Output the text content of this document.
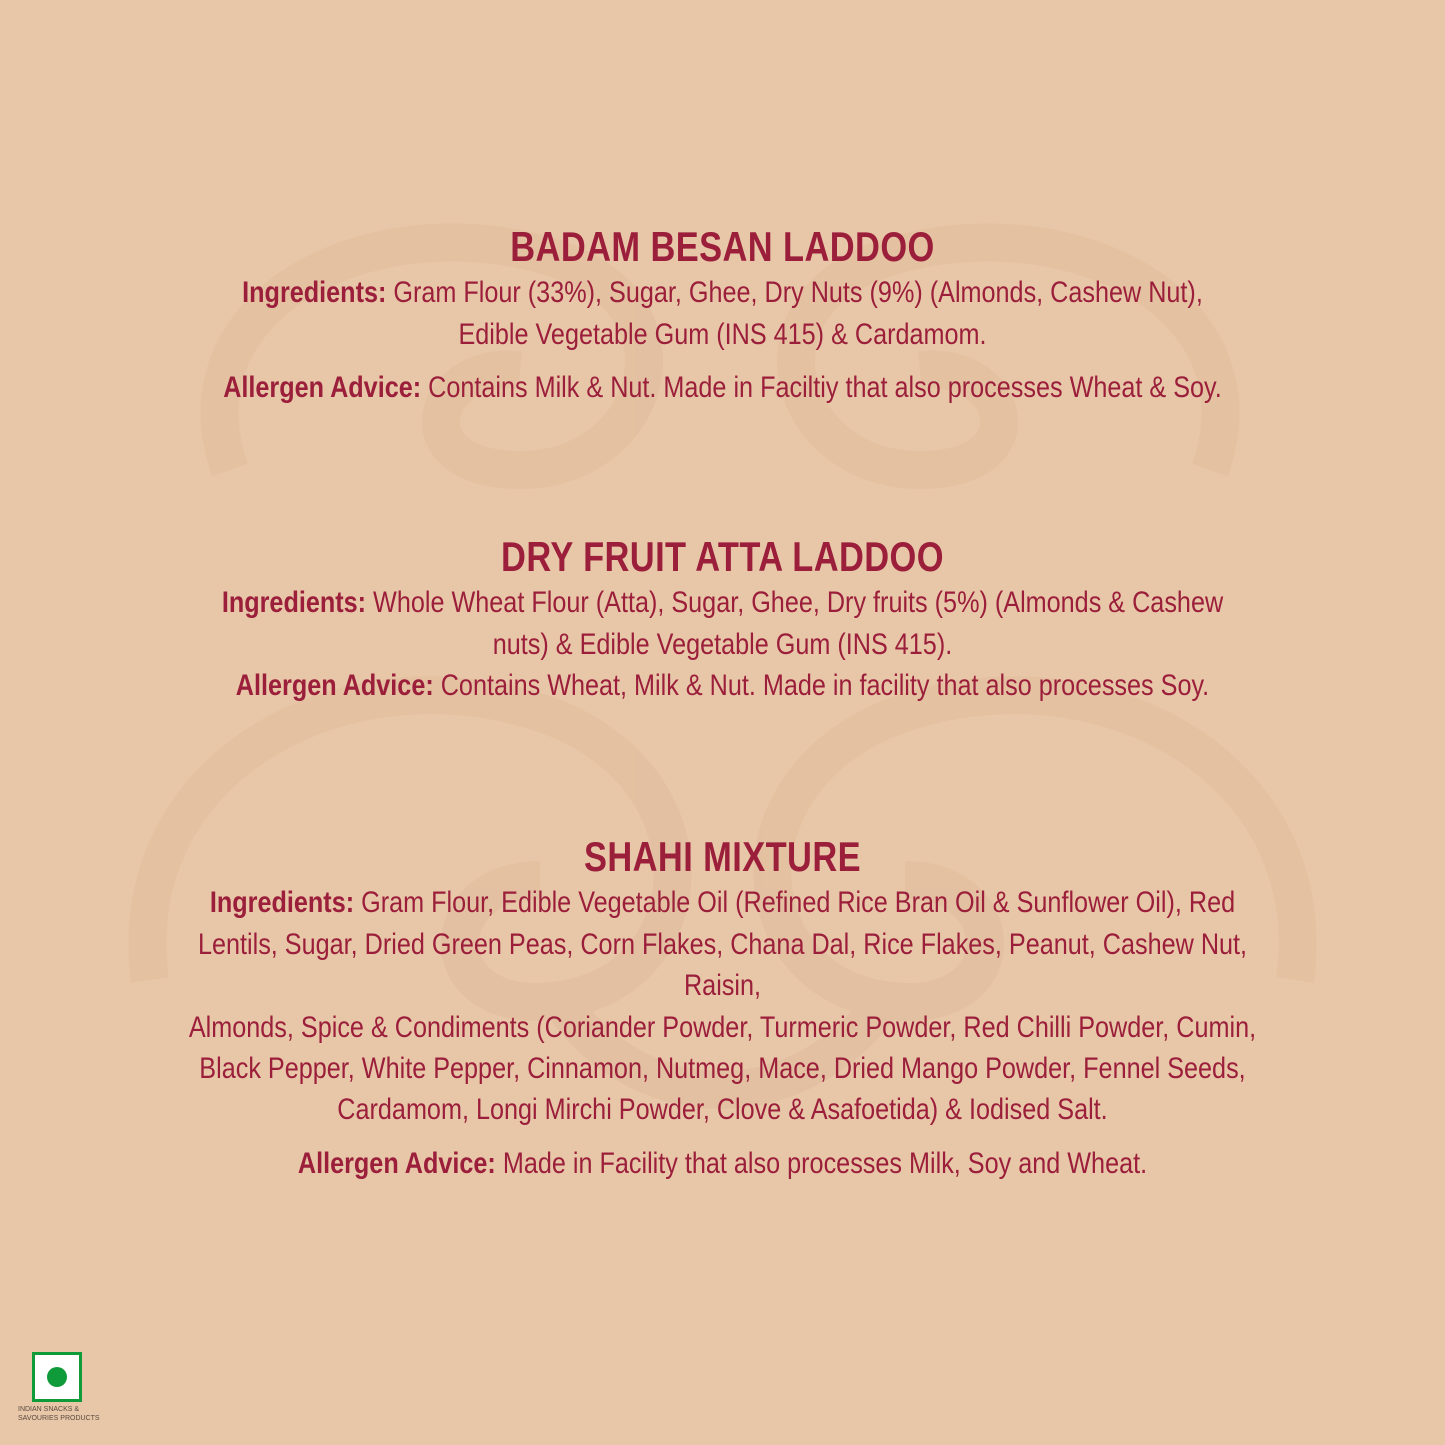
BADAM BESAN LADDOO

Ingredients: Gram Flour (33%), Sugar, Ghee, Dry Nuts (9%) (Almonds, Cashew Nut),
Edible Vegetable Gum (INS 415) & Cardamom.

Allergen Advice: Contains Milk & Nut. Made in Faciltiy that also processes Wheat & Soy.

DRY FRUIT ATTA LADDOO

Ingredients: Whole Wheat Flour (Atta), Sugar, Ghee, Dry fruits (5%) (Almonds & Cashew
nuts) & Edible Vegetable Gum (INS 415).

Allergen Advice: Contains Wheat, Milk & Nut. Made in facility that also processes Soy.

SHAHI MIXTURE

Ingredients: Gram Flour, Edible Vegetable Oil (Refined Rice Bran Oil & Sunflower Oil), Red
Lentils, Sugar, Dried Green Peas, Corn Flakes, Chana Dal, Rice Flakes, Peanut, Cashew Nut, Raisin,
Almonds, Spice & Condiments (Coriander Powder, Turmeric Powder, Red Chilli Powder, Cumin,
Black Pepper, White Pepper, Cinnamon, Nutmeg, Mace, Dried Mango Powder, Fennel Seeds,
Cardamom, Longi Mirchi Powder, Clove & Asafoetida) & Iodised Salt.

Allergen Advice: Made in Facility that also processes Milk, Soy and Wheat.

INDIAN SNACKS &
SAVOURIES PRODUCTS
